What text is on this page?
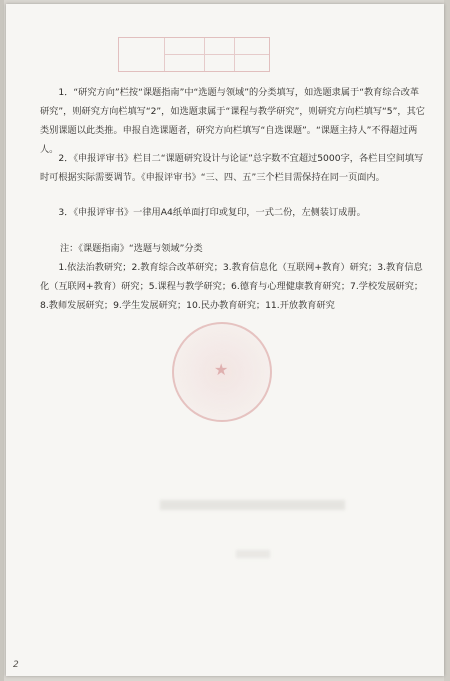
1．“研究方向”栏按“课题指南”中“选题与领域”的分类填写，如选题隶属于“教育综合改革研究”，则研究方向栏填写“2”，如选题隶属于“课程与教学研究”，则研究方向栏填写“5”，其它类别课题以此类推。申报自选课题者，研究方向栏填写“自选课题”。“课题主持人”不得超过两人。
2．《申报评审书》栏目二“课题研究设计与论证”总字数不宜超过5000字，各栏目空间填写时可根据实际需要调节。《申报评审书》“三、四、五”三个栏目需保持在同一页面内。
3．《申报评审书》一律用A4纸单面打印或复印，一式二份，左侧装订成册。
注：《课题指南》“选题与领域”分类
1.依法治教研究；2.教育综合改革研究；3.教育信息化（互联网+教育）研究；3.教育信息化（互联网+教育）研究；5.课程与教学研究；6.德育与心理健康教育研究；7.学校发展研究；8.教师发展研究；9.学生发展研究；10.民办教育研究；11.开放教育研究
★
2
